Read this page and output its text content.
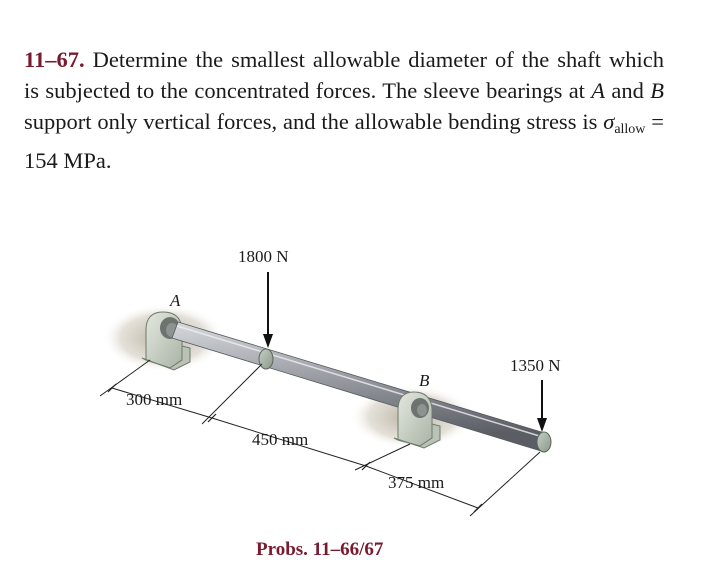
11–67. Determine the smallest allowable diameter of the shaft which is subjected to the concentrated forces. The sleeve bearings at A and B support only vertical forces, and the allowable bending stress is $\sigma_{allow} = 154$ MPa.
A
B
1800 N
1350 N
300 mm
450 mm
375 mm
Probs. 11–66/67
